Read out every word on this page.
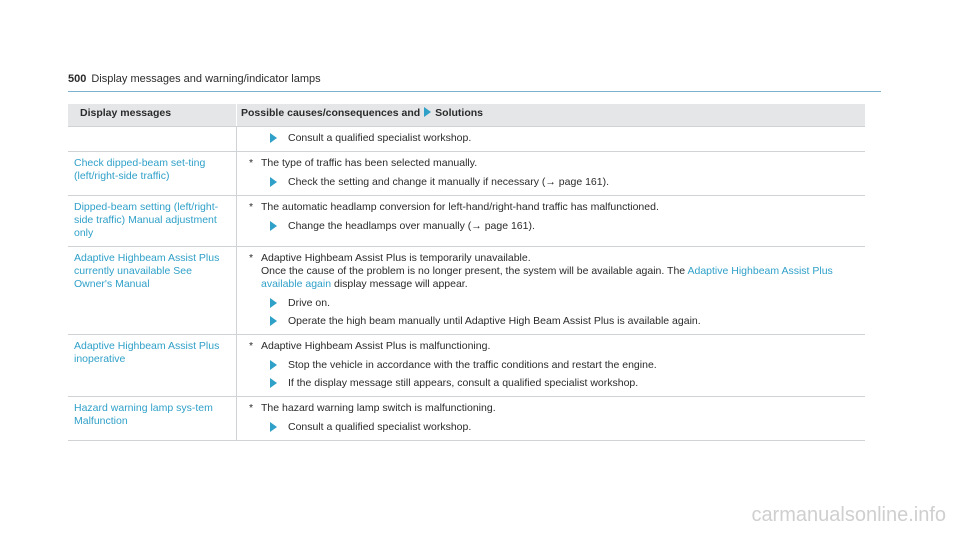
500 Display messages and warning/indicator lamps
Display messages	Possible causes/consequences and Solutions

	Consult a qualified specialist workshop.

Check dipped-beam set-ting (left/right-side traffic)	* The type of traffic has been selected manually.
Check the setting and change it manually if necessary (→ page 161).

Dipped-beam setting (left/right-side traffic) Manual adjustment only	* The automatic headlamp conversion for left-hand/right-hand traffic has malfunctioned.
Change the headlamps over manually (→ page 161).

Adaptive Highbeam Assist Plus currently unavailable See Owner's Manual	* Adaptive Highbeam Assist Plus is temporarily unavailable.
Once the cause of the problem is no longer present, the system will be available again. The Adaptive Highbeam Assist Plus available again display message will appear.
Drive on.
Operate the high beam manually until Adaptive High Beam Assist Plus is available again.

Adaptive Highbeam Assist Plus inoperative	* Adaptive Highbeam Assist Plus is malfunctioning.
Stop the vehicle in accordance with the traffic conditions and restart the engine.
If the display message still appears, consult a qualified specialist workshop.

Hazard warning lamp sys-tem Malfunction	* The hazard warning lamp switch is malfunctioning.
Consult a qualified specialist workshop.
carmanualsonline.info
